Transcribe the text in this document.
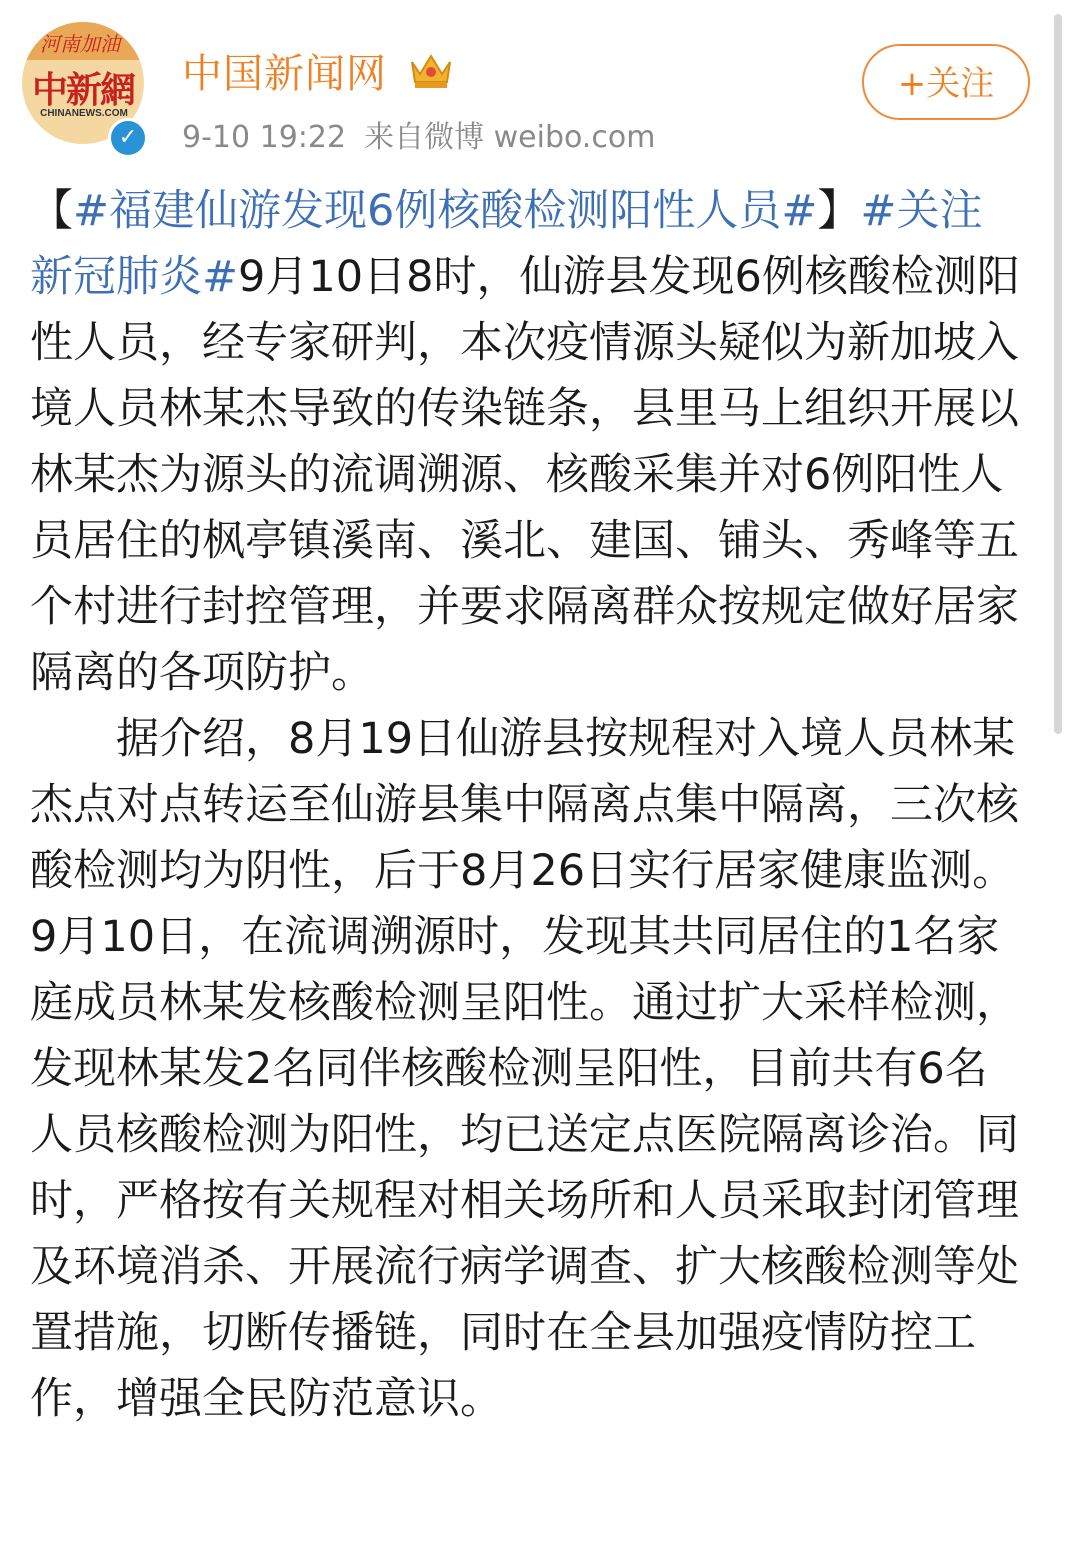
河南加油
中新網
CHINANEWS.COM
✓
中国新闻网
9-10 19:22 来自微博 weibo.com
+关注

【#福建仙游发现6例核酸检测阳性人员#】#关注新冠肺炎#9月10日8时，仙游县发现6例核酸检测阳性人员，经专家研判，本次疫情源头疑似为新加坡入境人员林某杰导致的传染链条，县里马上组织开展以林某杰为源头的流调溯源、核酸采集并对6例阳性人员居住的枫亭镇溪南、溪北、建国、铺头、秀峰等五个村进行封控管理，并要求隔离群众按规定做好居家隔离的各项防护。

据介绍，8月19日仙游县按规程对入境人员林某杰点对点转运至仙游县集中隔离点集中隔离，三次核酸检测均为阴性，后于8月26日实行居家健康监测。9月10日，在流调溯源时，发现其共同居住的1名家庭成员林某发核酸检测呈阳性。通过扩大采样检测，发现林某发2名同伴核酸检测呈阳性，目前共有6名人员核酸检测为阳性，均已送定点医院隔离诊治。同时，严格按有关规程对相关场所和人员采取封闭管理及环境消杀、开展流行病学调查、扩大核酸检测等处置措施，切断传播链，同时在全县加强疫情防控工作，增强全民防范意识。
